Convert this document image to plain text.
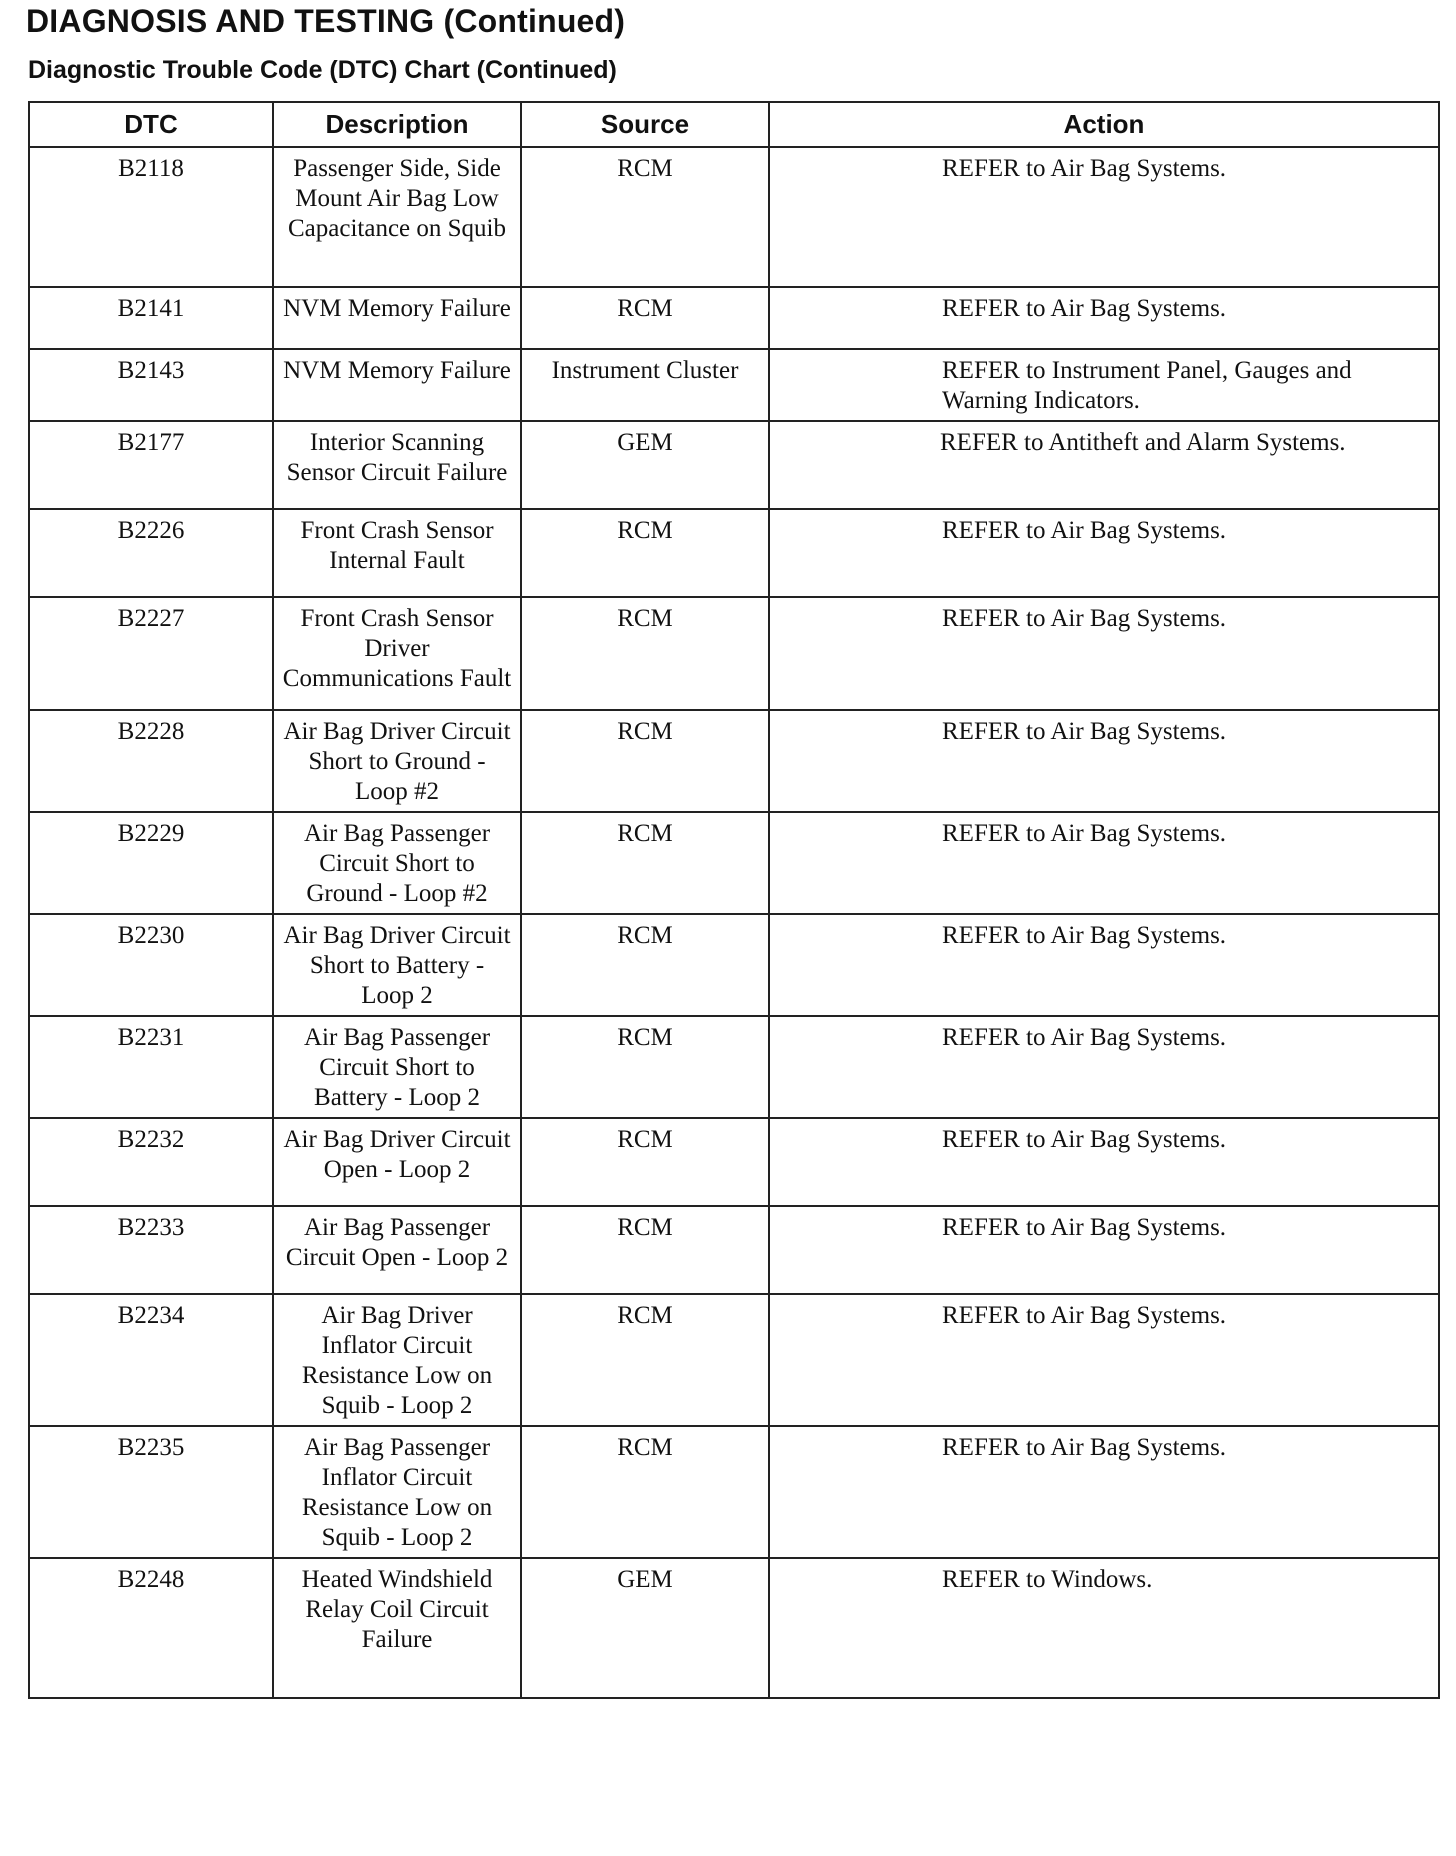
DIAGNOSIS AND TESTING (Continued)
Diagnostic Trouble Code (DTC) Chart (Continued)
DTC	Description	Source	Action
B2118	Passenger Side, Side Mount Air Bag Low Capacitance on Squib	RCM	REFER to Air Bag Systems.
B2141	NVM Memory Failure	RCM	REFER to Air Bag Systems.
B2143	NVM Memory Failure	Instrument Cluster	REFER to Instrument Panel, Gauges and Warning Indicators.
B2177	Interior Scanning Sensor Circuit Failure	GEM	REFER to Antitheft and Alarm Systems.
B2226	Front Crash Sensor Internal Fault	RCM	REFER to Air Bag Systems.
B2227	Front Crash Sensor Driver Communications Fault	RCM	REFER to Air Bag Systems.
B2228	Air Bag Driver Circuit Short to Ground - Loop #2	RCM	REFER to Air Bag Systems.
B2229	Air Bag Passenger Circuit Short to Ground - Loop #2	RCM	REFER to Air Bag Systems.
B2230	Air Bag Driver Circuit Short to Battery - Loop 2	RCM	REFER to Air Bag Systems.
B2231	Air Bag Passenger Circuit Short to Battery - Loop 2	RCM	REFER to Air Bag Systems.
B2232	Air Bag Driver Circuit Open - Loop 2	RCM	REFER to Air Bag Systems.
B2233	Air Bag Passenger Circuit Open - Loop 2	RCM	REFER to Air Bag Systems.
B2234	Air Bag Driver Inflator Circuit Resistance Low on Squib - Loop 2	RCM	REFER to Air Bag Systems.
B2235	Air Bag Passenger Inflator Circuit Resistance Low on Squib - Loop 2	RCM	REFER to Air Bag Systems.
B2248	Heated Windshield Relay Coil Circuit Failure	GEM	REFER to Windows.
